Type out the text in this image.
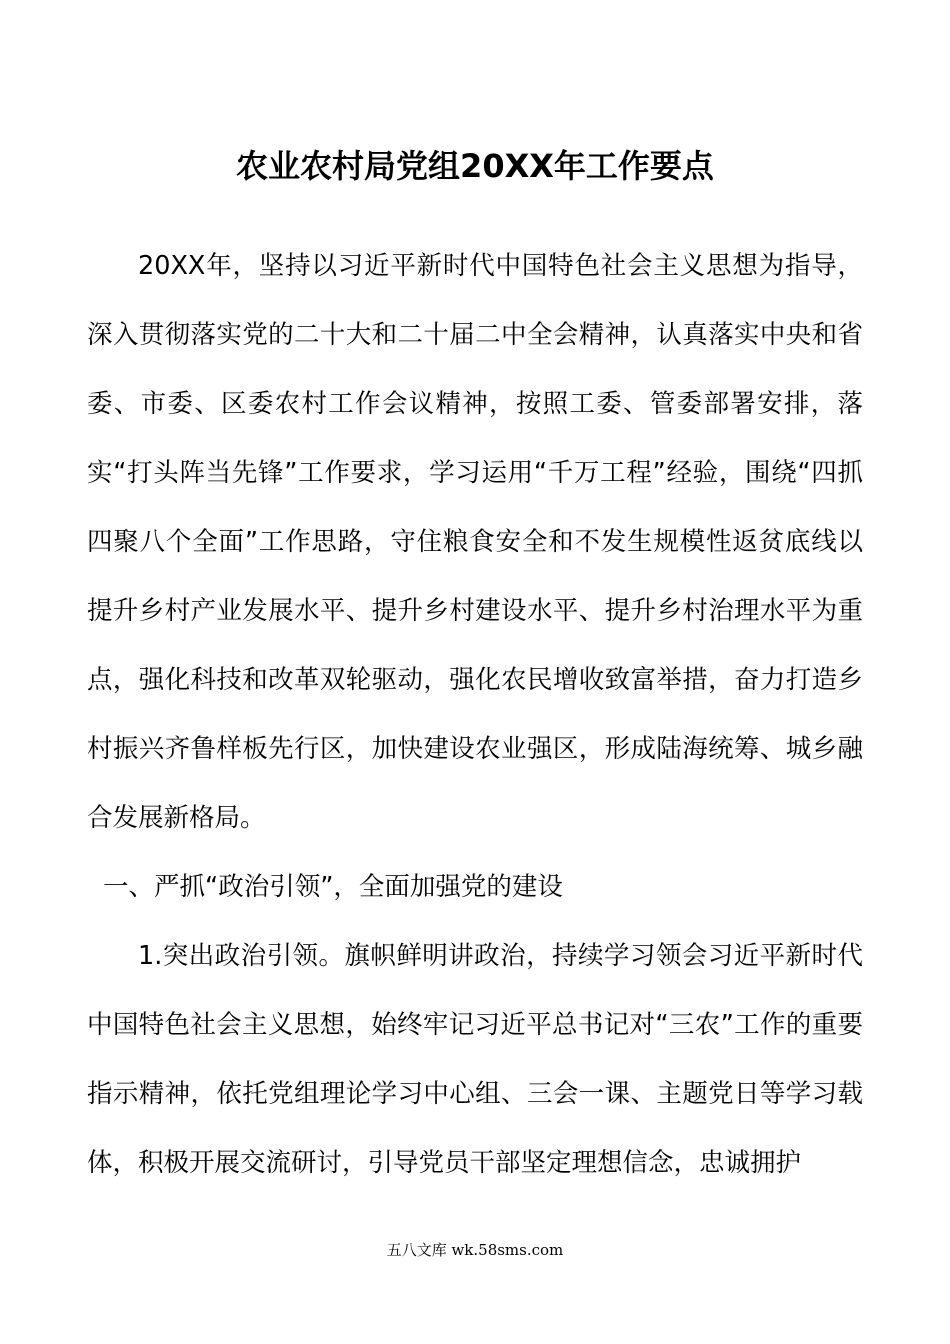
农业农村局党组20XX年工作要点

20XX年，坚持以习近平新时代中国特色社会主义思想为指导，深入贯彻落实党的二十大和二十届二中全会精神，认真落实中央和省委、市委、区委农村工作会议精神，按照工委、管委部署安排，落实“打头阵当先锋”工作要求，学习运用“千万工程”经验，围绕“四抓四聚八个全面”工作思路，守住粮食安全和不发生规模性返贫底线以提升乡村产业发展水平、提升乡村建设水平、提升乡村治理水平为重点，强化科技和改革双轮驱动，强化农民增收致富举措，奋力打造乡村振兴齐鲁样板先行区，加快建设农业强区，形成陆海统筹、城乡融合发展新格局。

一、严抓“政治引领”，全面加强党的建设

1.突出政治引领。旗帜鲜明讲政治，持续学习领会习近平新时代中国特色社会主义思想，始终牢记习近平总书记对“三农”工作的重要指示精神，依托党组理论学习中心组、三会一课、主题党日等学习载体，积极开展交流研讨，引导党员干部坚定理想信念，忠诚拥护

五八文库 wk.58sms.com
